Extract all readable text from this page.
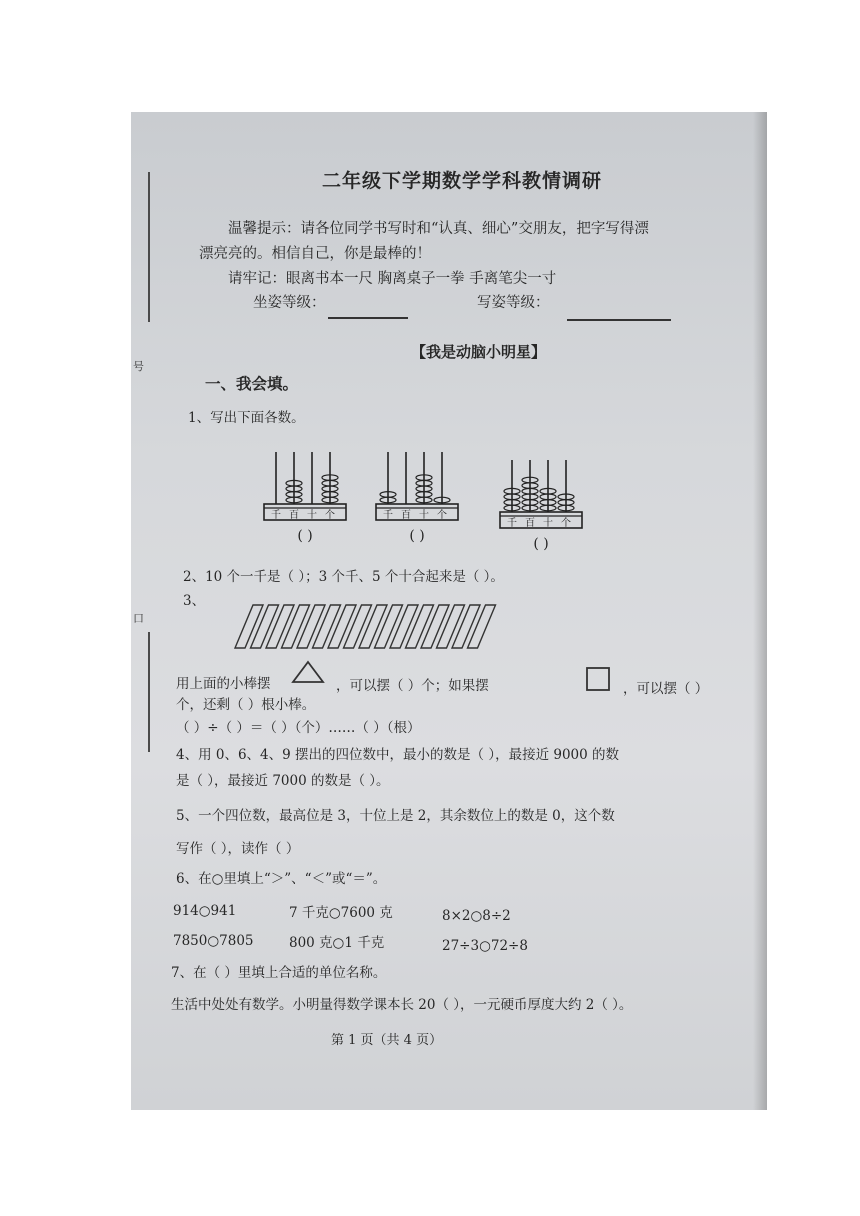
号
口
二年级下学期数学学科教情调研
温馨提示：请各位同学书写时和“认真、细心”交朋友，把字写得漂
漂亮亮的。相信自己，你是最棒的！
请牢记：眼离书本一尺 胸离桌子一拳 手离笔尖一寸
坐姿等级：	写姿等级：
【我是动脑小明星】
一、我会填。
1、写出下面各数。
千 百 十 个
( )
千 百 十 个
( )
千 百 十 个
( )
2、10 个一千是（ ）；3 个千、5 个十合起来是（ ）。
3、
用上面的小棒摆	，可以摆（ ）个；如果摆	，可以摆（ ）
个，还剩（ ）根小棒。
（ ）÷（ ）＝（ ）（个）……（ ）（根）
4、用 0、6、4、9 摆出的四位数中，最小的数是（ ），最接近 9000 的数
是（ ），最接近 7000 的数是（ ）。
5、一个四位数，最高位是 3，十位上是 2，其余数位上的数是 0，这个数
写作（ ），读作（ ）
6、在○里填上“＞”、“＜”或“＝”。
914○941	7 千克○7600 克	8×2○8÷2
7850○7805	800 克○1 千克	27÷3○72÷8
7、在（ ）里填上合适的单位名称。
生活中处处有数学。小明量得数学课本长 20（ ），一元硬币厚度大约 2（ ）。
第 1 页（共 4 页）
